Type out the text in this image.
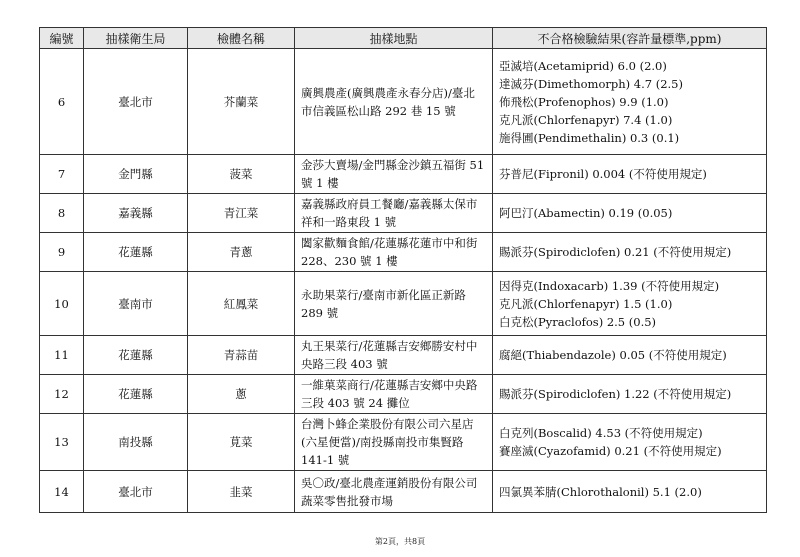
編號	抽樣衛生局	檢體名稱	抽樣地點	不合格檢驗結果(容許量標準,ppm)
6	臺北市	芥蘭菜	廣興農產(廣興農產永春分店)/臺北市信義區松山路 292 巷 15 號	亞滅培(Acetamiprid) 6.0 (2.0)
達滅芬(Dimethomorph) 4.7 (2.5)
佈飛松(Profenophos) 9.9 (1.0)
克凡派(Chlorfenapyr) 7.4 (1.0)
施得圃(Pendimethalin) 0.3 (0.1)

7	金門縣	菠菜	金莎大賣場/金門縣金沙鎮五福街 51 號 1 樓	芬普尼(Fipronil) 0.004 (不符使用規定)

8	嘉義縣	青江菜	嘉義縣政府員工餐廳/嘉義縣太保市祥和一路東段 1 號	阿巴汀(Abamectin) 0.19 (0.05)

9	花蓮縣	青蔥	闔家歡麵食館/花蓮縣花蓮市中和街 228、230 號 1 樓	賜派芬(Spirodiclofen) 0.21 (不符使用規定)

10	臺南市	紅鳳菜	永助果菜行/臺南市新化區正新路 289 號	因得克(Indoxacarb) 1.39 (不符使用規定)
克凡派(Chlorfenapyr) 1.5 (1.0)
白克松(Pyraclofos) 2.5 (0.5)

11	花蓮縣	青蒜苗	丸王果菜行/花蓮縣吉安鄉勝安村中央路三段 403 號	腐絕(Thiabendazole) 0.05 (不符使用規定)

12	花蓮縣	蔥	一維菓菜商行/花蓮縣吉安鄉中央路三段 403 號 24 攤位	賜派芬(Spirodiclofen) 1.22 (不符使用規定)

13	南投縣	莧菜	台灣卜蜂企業股份有限公司六星店(六星便當)/南投縣南投市集賢路 141-1 號	白克列(Boscalid) 4.53 (不符使用規定)
賽座滅(Cyazofamid) 0.21 (不符使用規定)

14	臺北市	韭菜	吳〇政/臺北農產運銷股份有限公司蔬菜零售批發市場	四氯異苯腈(Chlorothalonil) 5.1 (2.0)
第2頁，共8頁
